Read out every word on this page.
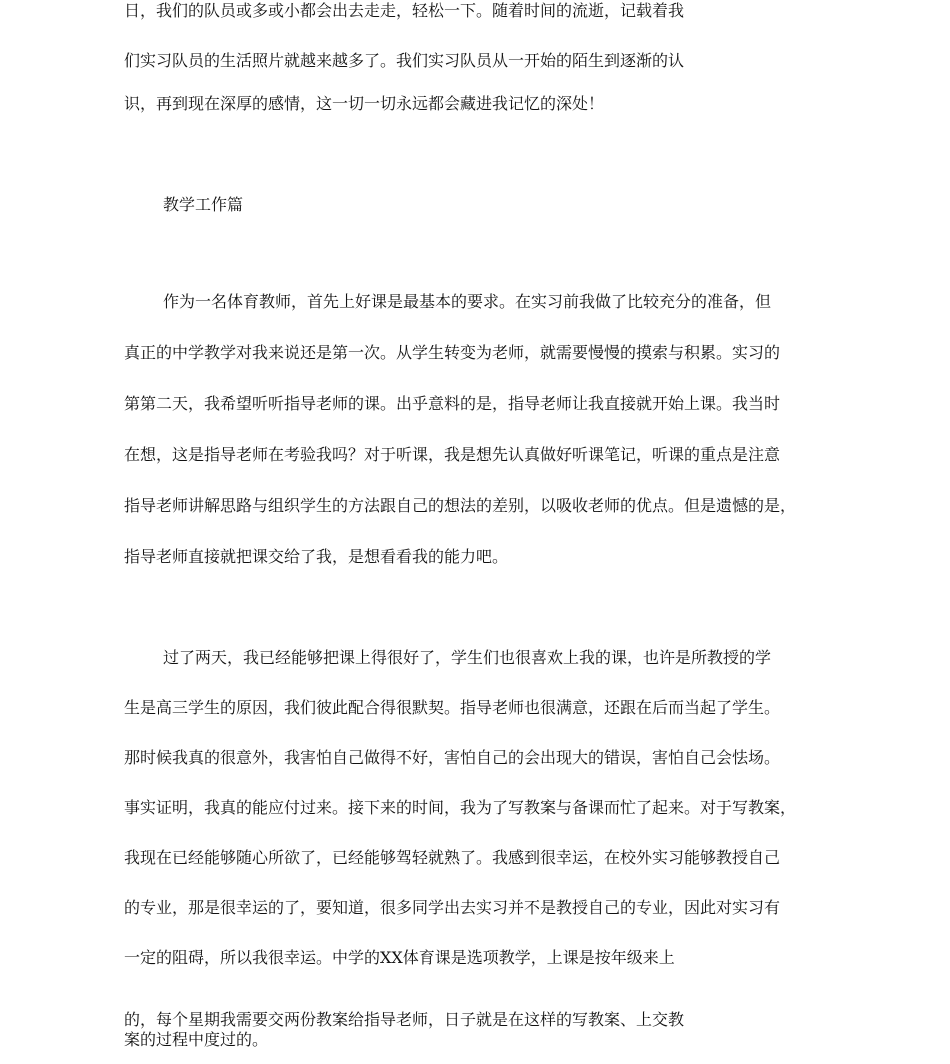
日，我们的队员或多或小都会出去走走，轻松一下。随着时间的流逝，记载着我

们实习队员的生活照片就越来越多了。我们实习队员从一开始的陌生到逐渐的认

识，再到现在深厚的感情，这一切一切永远都会藏进我记忆的深处！

教学工作篇

作为一名体育教师，首先上好课是最基本的要求。在实习前我做了比较充分的准备，但

真正的中学教学对我来说还是第一次。从学生转变为老师，就需要慢慢的摸索与积累。实习的

第第二天，我希望听听指导老师的课。出乎意料的是，指导老师让我直接就开始上课。我当时

在想，这是指导老师在考验我吗？对于听课，我是想先认真做好听课笔记，听课的重点是注意

指导老师讲解思路与组织学生的方法跟自己的想法的差别，以吸收老师的优点。但是遗憾的是，

指导老师直接就把课交给了我，是想看看我的能力吧。

过了两天，我已经能够把课上得很好了，学生们也很喜欢上我的课，也许是所教授的学

生是高三学生的原因，我们彼此配合得很默契。指导老师也很满意，还跟在后而当起了学生。

那时候我真的很意外，我害怕自己做得不好，害怕自己的会出现大的错误，害怕自己会怯场。

事实证明，我真的能应付过来。接下来的时间，我为了写教案与备课而忙了起来。对于写教案，

我现在已经能够随心所欲了，已经能够驾轻就熟了。我感到很幸运，在校外实习能够教授自己

的专业，那是很幸运的了，要知道，很多同学出去实习并不是教授自己的专业，因此对实习有

一定的阻碍，所以我很幸运。中学的XX体育课是选项教学，上课是按年级来上

的，每个星期我需要交两份教案给指导老师，日子就是在这样的写教案、上交教

案的过程中度过的。
